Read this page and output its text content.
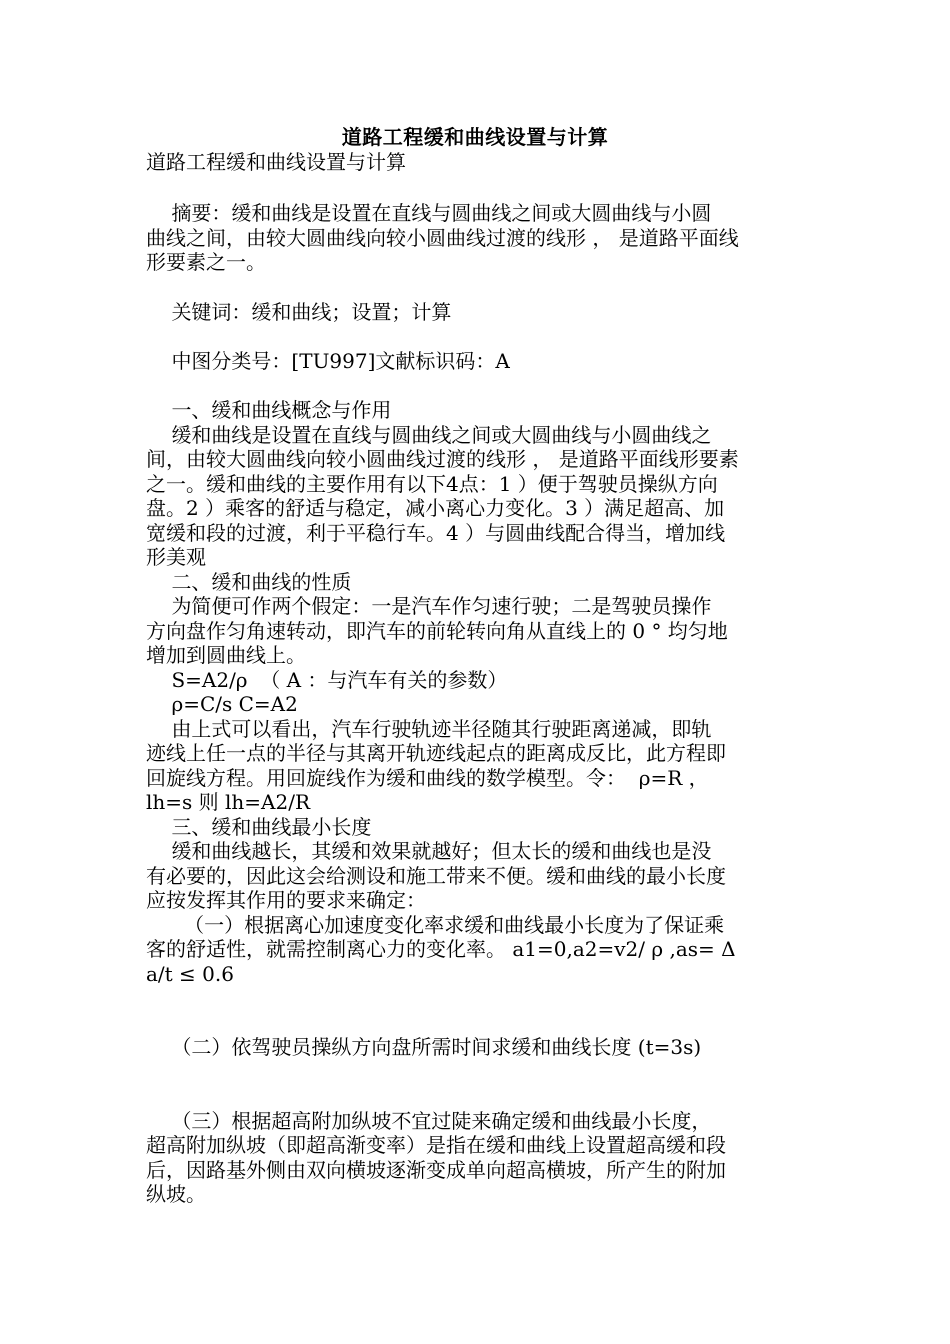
道路工程缓和曲线设置与计算
道路工程缓和曲线设置与计算
摘要：缓和曲线是设置在直线与圆曲线之间或大圆曲线与小圆
曲线之间，由较大圆曲线向较小圆曲线过渡的线形 ， 是道路平面线
形要素之一。
关键词：缓和曲线；设置；计算
中图分类号：[TU997]文献标识码：A
一、缓和曲线概念与作用
缓和曲线是设置在直线与圆曲线之间或大圆曲线与小圆曲线之
间，由较大圆曲线向较小圆曲线过渡的线形 ， 是道路平面线形要素
之一。缓和曲线的主要作用有以下4点：1 ）便于驾驶员操纵方向
盘。2 ）乘客的舒适与稳定，减小离心力变化。3 ）满足超高、加
宽缓和段的过渡，利于平稳行车。4 ）与圆曲线配合得当，增加线
形美观
二、缓和曲线的性质
为简便可作两个假定：一是汽车作匀速行驶；二是驾驶员操作
方向盘作匀角速转动，即汽车的前轮转向角从直线上的 0 ° 均匀地
增加到圆曲线上。
S=A2/ρ  （ A ：与汽车有关的参数）
ρ=C/s C=A2
由上式可以看出，汽车行驶轨迹半径随其行驶距离递减，即轨
迹线上任一点的半径与其离开轨迹线起点的距离成反比，此方程即
回旋线方程。用回旋线作为缓和曲线的数学模型。令：  ρ=R ，
lh=s 则 lh=A2/R
三、缓和曲线最小长度
缓和曲线越长，其缓和效果就越好；但太长的缓和曲线也是没
有必要的，因此这会给测设和施工带来不便。缓和曲线的最小长度
应按发挥其作用的要求来确定：
（一）根据离心加速度变化率求缓和曲线最小长度为了保证乘
客的舒适性，就需控制离心力的变化率。 a1=0,a2=v2/ ρ ,as= Δ
a/t ≤ 0.6
（二）依驾驶员操纵方向盘所需时间求缓和曲线长度 (t=3s)
（三）根据超高附加纵坡不宜过陡来确定缓和曲线最小长度，
超高附加纵坡（即超高渐变率）是指在缓和曲线上设置超高缓和段
后，因路基外侧由双向横坡逐渐变成单向超高横坡，所产生的附加
纵坡。
